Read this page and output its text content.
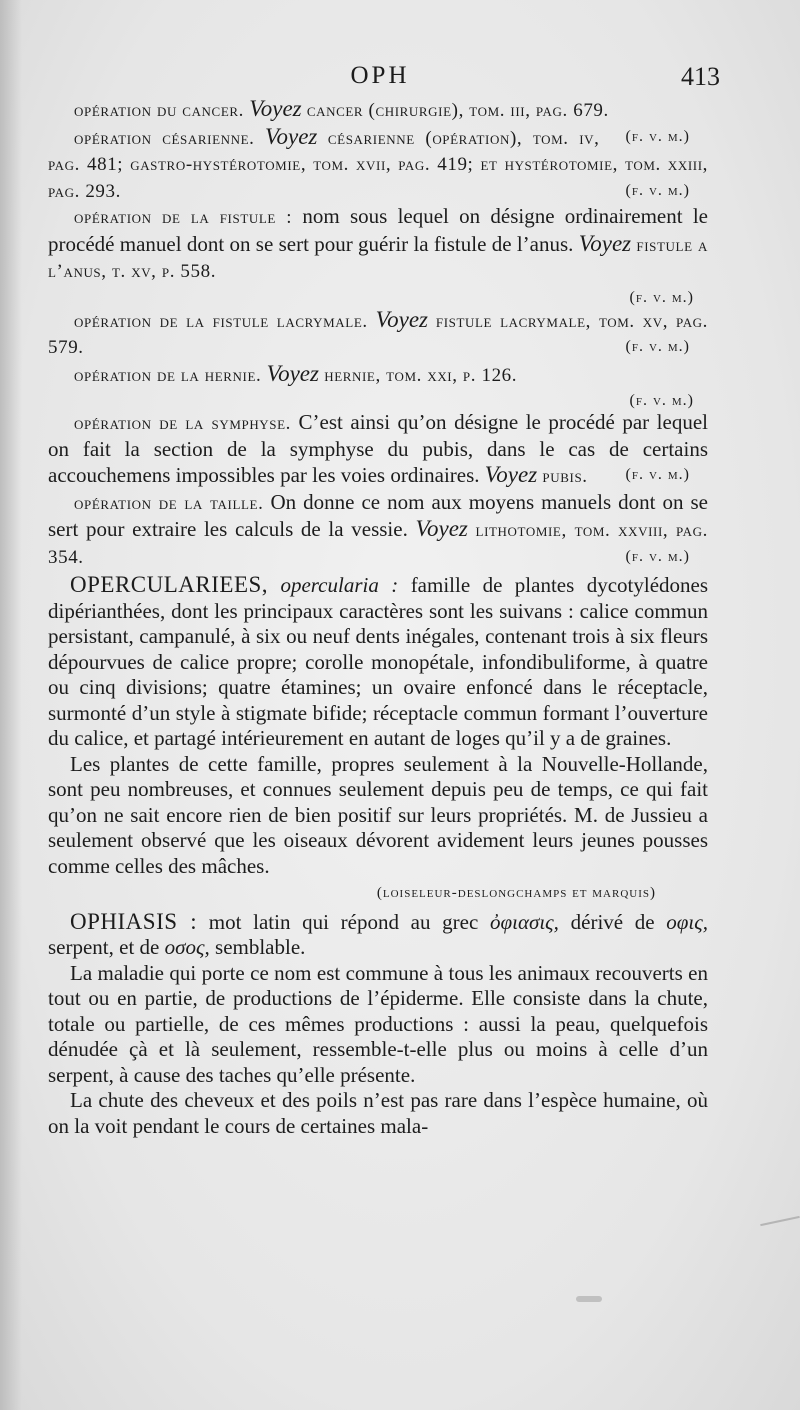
OPH	413

opération du cancer. Voyez cancer (chirurgie), tom. iii, pag. 679.
(f. v. m.)

opération césarienne. Voyez césarienne (opération), tom. iv, pag. 481; gastro-hystérotomie, tom. xvii, pag. 419; et hystérotomie, tom. xxiii, pag. 293.	(f. v. m.)

opération de la fistule : nom sous lequel on désigne ordinairement le procédé manuel dont on se sert pour guérir la fistule de l’anus. Voyez fistule a l’anus, t. xv, p. 558.

(f. v. m.)

opération de la fistule lacrymale. Voyez fistule lacrymale, tom. xv, pag. 579.	(f. v. m.)

opération de la hernie. Voyez hernie, tom. xxi, p. 126.

(f. v. m.)

opération de la symphyse. C’est ainsi qu’on désigne le procédé par lequel on fait la section de la symphyse du pubis, dans le cas de certains accouchemens impossibles par les voies ordinaires. Voyez pubis.	(f. v. m.)

opération de la taille. On donne ce nom aux moyens manuels dont on se sert pour extraire les calculs de la vessie. Voyez lithotomie, tom. xxviii, pag. 354.	(f. v. m.)

OPERCULARIEES, opercularia : famille de plantes dycotylédones dipérianthées, dont les principaux caractères sont les suivans : calice commun persistant, campanulé, à six ou neuf dents inégales, contenant trois à six fleurs dépourvues de calice propre; corolle monopétale, infondibuliforme, à quatre ou cinq divisions; quatre étamines; un ovaire enfoncé dans le réceptacle, surmonté d’un style à stigmate bifide; réceptacle commun formant l’ouverture du calice, et partagé intérieurement en autant de loges qu’il y a de graines.

Les plantes de cette famille, propres seulement à la Nouvelle-Hollande, sont peu nombreuses, et connues seulement depuis peu de temps, ce qui fait qu’on ne sait encore rien de bien positif sur leurs propriétés. M. de Jussieu a seulement observé que les oiseaux dévorent avidement leurs jeunes pousses comme celles des mâches.

(loiseleur-deslongchamps et marquis)

OPHIASIS : mot latin qui répond au grec ὀφιασις, dérivé de οφις, serpent, et de οσος, semblable.

La maladie qui porte ce nom est commune à tous les animaux recouverts en tout ou en partie, de productions de l’épiderme. Elle consiste dans la chute, totale ou partielle, de ces mêmes productions : aussi la peau, quelquefois dénudée çà et là seulement, ressemble-t-elle plus ou moins à celle d’un serpent, à cause des taches qu’elle présente.

La chute des cheveux et des poils n’est pas rare dans l’espèce humaine, où on la voit pendant le cours de certaines mala-
